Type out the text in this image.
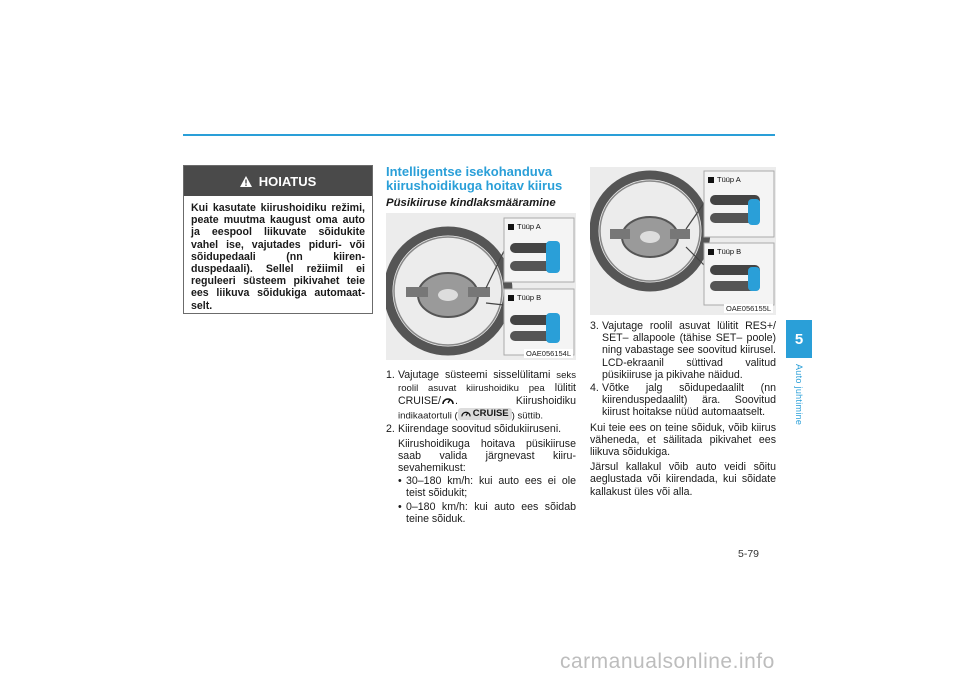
HOIATUS
Kui kasutate kiirushoidiku režimi, peate muutma kaugust oma auto ja eespool liikuvate sõidukite vahel ise, vajutades piduri- või sõidupedaali (nn kiirenduspedaali). Sellel režiimil ei reguleeri süsteem pikivahet teie ees liikuva sõidukiga automaatselt.
Intelligentse isekohanduva kiirushoidikuga hoitav kiirus
Püsikiiruse kindlaksmääramine
Tüüp A
Tüüp B
OAE056154L
Tüüp A
Tüüp B
OAE056155L
1. Vajutage süsteemi sisselülitami seks roolil asuvat kiirushoidiku pea lülitit CRUISE/ . Kiirushoidiku indikaatortuli ( CRUISE ) süttib.
2. Kiirendage soovitud sõidukiiruseni.
Kiirushoidikuga hoitava püsikiiruse saab valida järgnevast kiirusevahemikust:
• 30–180 km/h: kui auto ees ei ole teist sõidukit;
• 0–180 km/h: kui auto ees sõidab teine sõiduk.
3. Vajutage roolil asuvat lülitit RES+/ SET– allapoole (tähise SET– poole) ning vabastage see soovitud kiirusel. LCD-ekraanil süttivad valitud püsikiiruse ja pikivahe näidud.
4. Võtke jalg sõidupedaalilt (nn kiirenduspedaalilt) ära. Soovitud kiirust hoitakse nüüd automaatselt.
Kui teie ees on teine sõiduk, võib kiirus väheneda, et säilitada pikivahet ees liikuva sõidukiga.
Järsul kallakul võib auto veidi sõitu aeglustada või kiirendada, kui sõidate kallakust üles või alla.
5
Auto juhtimine
5-79
carmanualsonline.info
